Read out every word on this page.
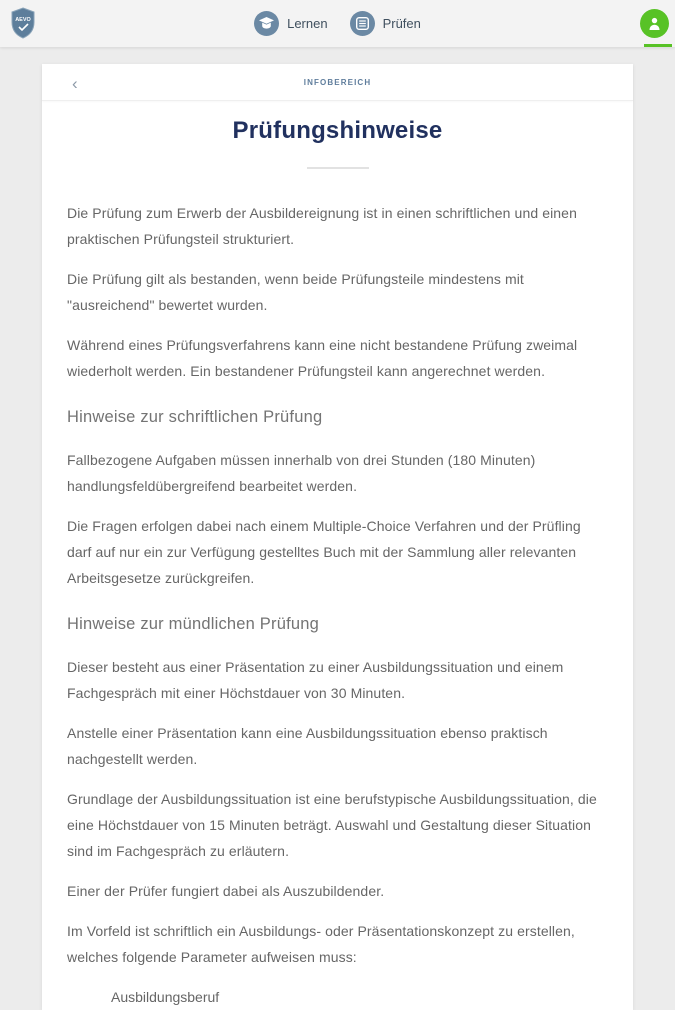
AEVO	Lernen	Prüfen
‹	INFOBEREICH
Prüfungshinweise

Die Prüfung zum Erwerb der Ausbildereignung ist in einen schriftlichen und einen praktischen Prüfungsteil strukturiert.

Die Prüfung gilt als bestanden, wenn beide Prüfungsteile mindestens mit "ausreichend" bewertet wurden.

Während eines Prüfungsverfahrens kann eine nicht bestandene Prüfung zweimal wiederholt werden. Ein bestandener Prüfungsteil kann angerechnet werden.

Hinweise zur schriftlichen Prüfung

Fallbezogene Aufgaben müssen innerhalb von drei Stunden (180 Minuten) handlungsfeldübergreifend bearbeitet werden.

Die Fragen erfolgen dabei nach einem Multiple-Choice Verfahren und der Prüfling darf auf nur ein zur Verfügung gestelltes Buch mit der Sammlung aller relevanten Arbeitsgesetze zurückgreifen.

Hinweise zur mündlichen Prüfung

Dieser besteht aus einer Präsentation zu einer Ausbildungssituation und einem Fachgespräch mit einer Höchstdauer von 30 Minuten.

Anstelle einer Präsentation kann eine Ausbildungssituation ebenso praktisch nachgestellt werden.

Grundlage der Ausbildungssituation ist eine berufstypische Ausbildungssituation, die eine Höchstdauer von 15 Minuten beträgt. Auswahl und Gestaltung dieser Situation sind im Fachgespräch zu erläutern.

Einer der Prüfer fungiert dabei als Auszubildender.

Im Vorfeld ist schriftlich ein Ausbildungs- oder Präsentationskonzept zu erstellen, welches folgende Parameter aufweisen muss:

Ausbildungsberuf
